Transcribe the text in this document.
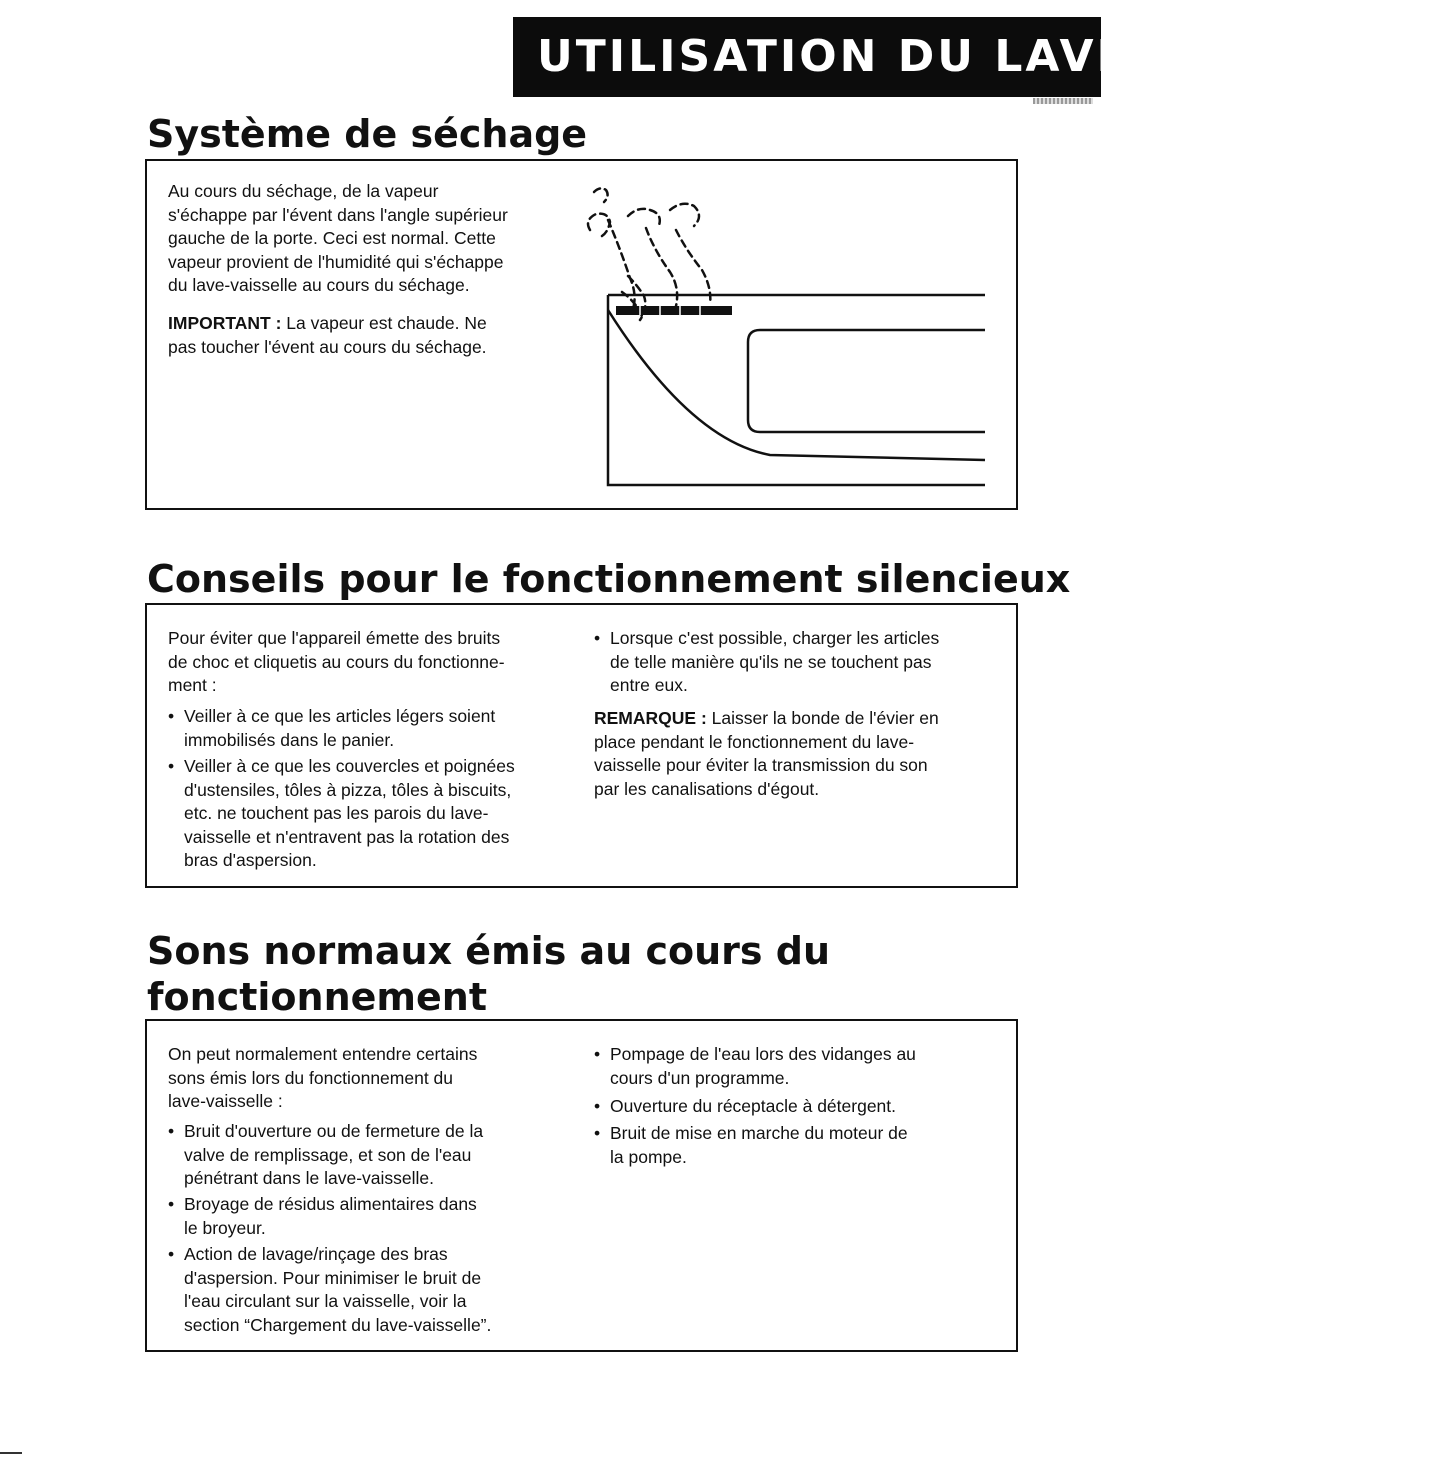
UTILISATION DU LAVE-VAISSELLE
Système de séchage
Au cours du séchage, de la vapeur
s'échappe par l'évent dans l'angle supérieur
gauche de la porte. Ceci est normal. Cette
vapeur provient de l'humidité qui s'échappe
du lave-vaisselle au cours du séchage.
IMPORTANT : La vapeur est chaude. Ne
pas toucher l'évent au cours du séchage.
Conseils pour le fonctionnement silencieux
Pour éviter que l'appareil émette des bruits
de choc et cliquetis au cours du fonctionne-
ment :
• Veiller à ce que les articles légers soient
immobilisés dans le panier.
• Veiller à ce que les couvercles et poignées
d'ustensiles, tôles à pizza, tôles à biscuits,
etc. ne touchent pas les parois du lave-
vaisselle et n'entravent pas la rotation des
bras d'aspersion.
• Lorsque c'est possible, charger les articles
de telle manière qu'ils ne se touchent pas
entre eux.
REMARQUE : Laisser la bonde de l'évier en
place pendant le fonctionnement du lave-
vaisselle pour éviter la transmission du son
par les canalisations d'égout.
Sons normaux émis au cours du
fonctionnement
On peut normalement entendre certains
sons émis lors du fonctionnement du
lave-vaisselle :
• Bruit d'ouverture ou de fermeture de la
valve de remplissage, et son de l'eau
pénétrant dans le lave-vaisselle.
• Broyage de résidus alimentaires dans
le broyeur.
• Action de lavage/rinçage des bras
d'aspersion. Pour minimiser le bruit de
l'eau circulant sur la vaisselle, voir la
section “Chargement du lave-vaisselle”.
• Pompage de l'eau lors des vidanges au
cours d'un programme.
• Ouverture du réceptacle à détergent.
• Bruit de mise en marche du moteur de
la pompe.
